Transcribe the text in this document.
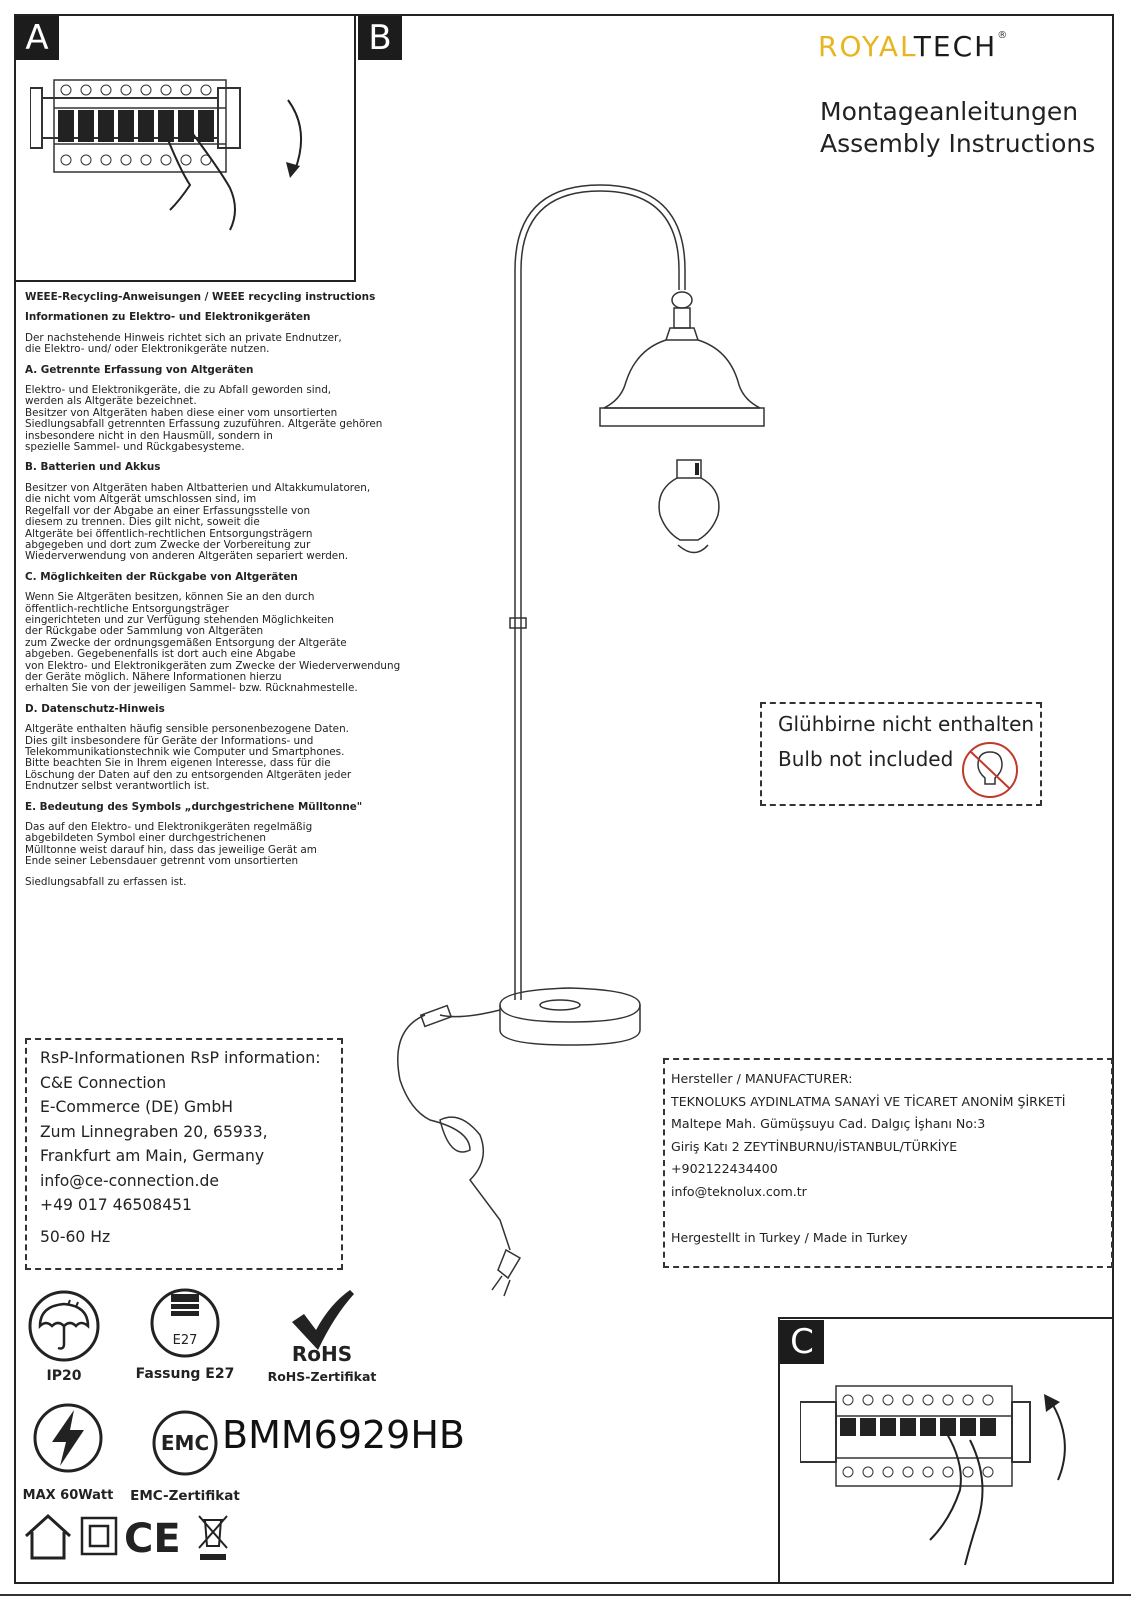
A	B	ROYALTECH®
Montageanleitungen
Assembly Instructions
WEEE-Recycling-Anweisungen / WEEE recycling instructions
Informationen zu Elektro- und Elektronikgeräten
Der nachstehende Hinweis richtet sich an private Endnutzer,
die Elektro- und/ oder Elektronikgeräte nutzen.
A. Getrennte Erfassung von Altgeräten
Elektro- und Elektronikgeräte, die zu Abfall geworden sind,
werden als Altgeräte bezeichnet.
Besitzer von Altgeräten haben diese einer vom unsortierten
Siedlungsabfall getrennten Erfassung zuzuführen. Altgeräte gehören
insbesondere nicht in den Hausmüll, sondern in
spezielle Sammel- und Rückgabesysteme.
B. Batterien und Akkus
Besitzer von Altgeräten haben Altbatterien und Altakkumulatoren,
die nicht vom Altgerät umschlossen sind, im
Regelfall vor der Abgabe an einer Erfassungsstelle von
diesem zu trennen. Dies gilt nicht, soweit die
Altgeräte bei öffentlich-rechtlichen Entsorgungsträgern
abgegeben und dort zum Zwecke der Vorbereitung zur
Wiederverwendung von anderen Altgeräten separiert werden.
C. Möglichkeiten der Rückgabe von Altgeräten
Wenn Sie Altgeräten besitzen, können Sie an den durch
öffentlich-rechtliche Entsorgungsträger
eingerichteten und zur Verfügung stehenden Möglichkeiten
der Rückgabe oder Sammlung von Altgeräten
zum Zwecke der ordnungsgemäßen Entsorgung der Altgeräte
abgeben. Gegebenenfalls ist dort auch eine Abgabe
von Elektro- und Elektronikgeräten zum Zwecke der Wiederverwendung
der Geräte möglich. Nähere Informationen hierzu
erhalten Sie von der jeweiligen Sammel- bzw. Rücknahmestelle.
D. Datenschutz-Hinweis
Altgeräte enthalten häufig sensible personenbezogene Daten.
Dies gilt insbesondere für Geräte der Informations- und
Telekommunikationstechnik wie Computer und Smartphones.
Bitte beachten Sie in Ihrem eigenen Interesse, dass für die
Löschung der Daten auf den zu entsorgenden Altgeräten jeder
Endnutzer selbst verantwortlich ist.
E. Bedeutung des Symbols „durchgestrichene Mülltonne"
Das auf den Elektro- und Elektronikgeräten regelmäßig
abgebildeten Symbol einer durchgestrichenen
Mülltonne weist darauf hin, dass das jeweilige Gerät am
Ende seiner Lebensdauer getrennt vom unsortierten
Siedlungsabfall zu erfassen ist.
Glühbirne nicht enthalten
Bulb not included
RsP-Informationen RsP information:
C&E Connection
E-Commerce (DE) GmbH
Zum Linnegraben 20, 65933,
Frankfurt am Main, Germany
info@ce-connection.de
+49 017 46508451
50-60 Hz
Hersteller / MANUFACTURER:
TEKNOLUKS AYDINLATMA SANAYİ VE TİCARET ANONİM ŞİRKETİ
Maltepe Mah. Gümüşsuyu Cad. Dalgıç İşhanı No:3
Giriş Katı 2 ZEYTİNBURNU/İSTANBUL/TÜRKİYE
+902122434400
info@teknolux.com.tr
Hergestellt in Turkey / Made in Turkey
IP20
E27
Fassung E27
RoHS
RoHS-Zertifikat
MAX 60Watt
EMC BMM6929HB
EMC-Zertifikat
CE
C
